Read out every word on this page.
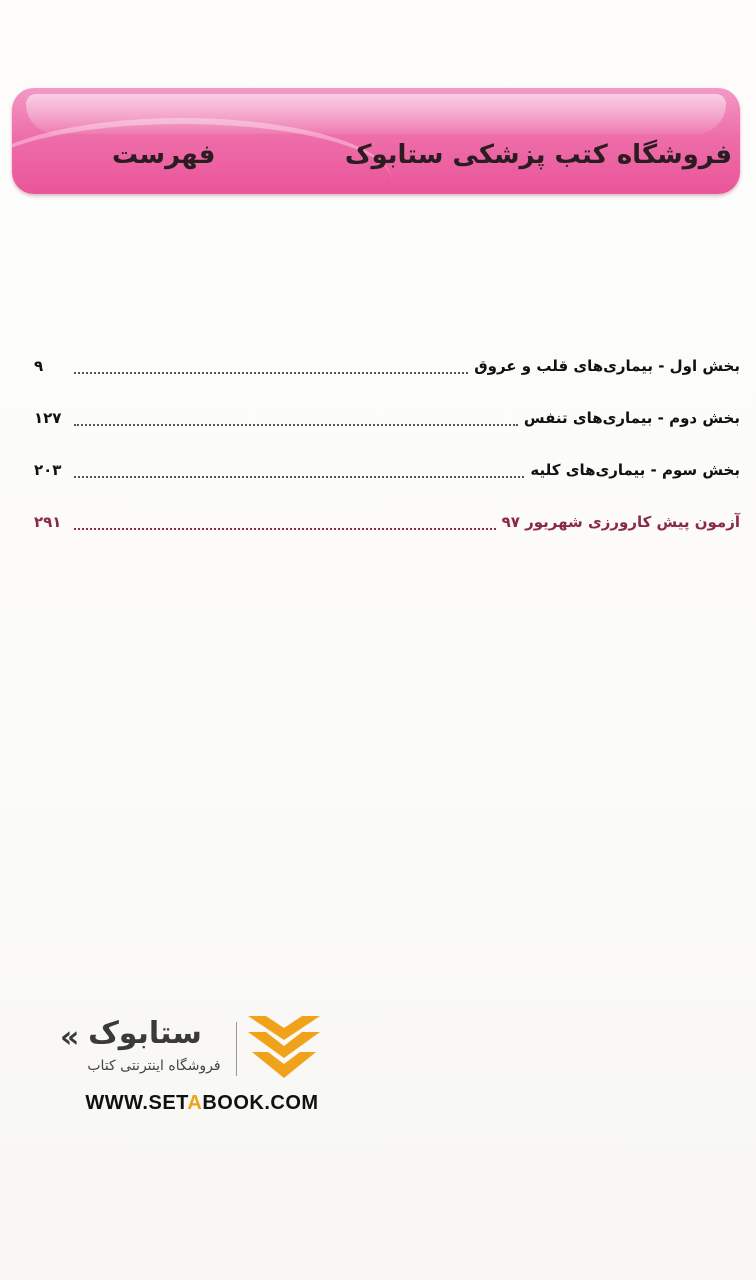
فروشگاه کتب پزشکی ستابوک
فهرست
بخش اول - بیماری‌های قلب و عروق
۹
بخش دوم - بیماری‌های تنفس
۱۲۷
بخش سوم - بیماری‌های کلیه
۲۰۳
آزمون پیش کارورزی شهریور ۹۷
۲۹۱
« ستابوک
فروشگاه اینترنتی کتاب
WWW.SETABOOK.COM
